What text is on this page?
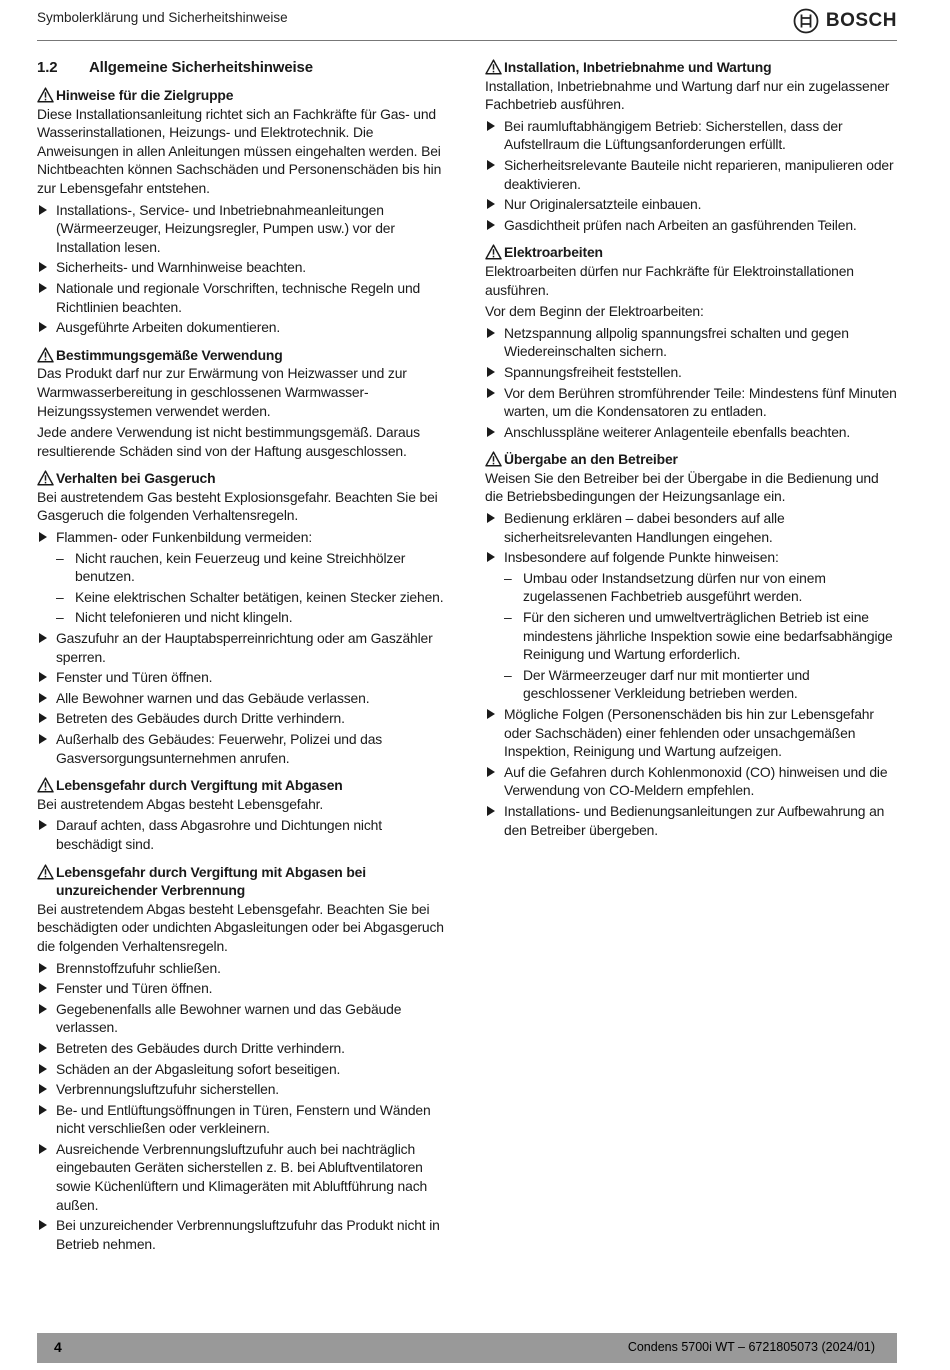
Symbolerklärung und Sicherheitshinweise	BOSCH
1.2	Allgemeine Sicherheitshinweise
Hinweise für die Zielgruppe

Diese Installationsanleitung richtet sich an Fachkräfte für Gas- und Wasserinstallationen, Heizungs- und Elektrotechnik. Die Anweisungen in allen Anleitungen müssen eingehalten werden. Bei Nichtbeachten können Sachschäden und Personenschäden bis hin zur Lebensgefahr entstehen.

Installations-, Service- und Inbetriebnahmeanleitungen (Wärmeerzeuger, Heizungsregler, Pumpen usw.) vor der Installation lesen.
Sicherheits- und Warnhinweise beachten.
Nationale und regionale Vorschriften, technische Regeln und Richtlinien beachten.
Ausgeführte Arbeiten dokumentieren.
Bestimmungsgemäße Verwendung

Das Produkt darf nur zur Erwärmung von Heizwasser und zur Warmwasserbereitung in geschlossenen Warmwasser-Heizungssystemen verwendet werden.

Jede andere Verwendung ist nicht bestimmungsgemäß. Daraus resultierende Schäden sind von der Haftung ausgeschlossen.

Verhalten bei Gasgeruch

Bei austretendem Gas besteht Explosionsgefahr. Beachten Sie bei Gasgeruch die folgenden Verhaltensregeln.

Flammen- oder Funkenbildung vermeiden:
– Nicht rauchen, kein Feuerzeug und keine Streichhölzer benutzen.
– Keine elektrischen Schalter betätigen, keinen Stecker ziehen.
– Nicht telefonieren und nicht klingeln.
Gaszufuhr an der Hauptabsperreinrichtung oder am Gaszähler sperren.
Fenster und Türen öffnen.
Alle Bewohner warnen und das Gebäude verlassen.
Betreten des Gebäudes durch Dritte verhindern.
Außerhalb des Gebäudes: Feuerwehr, Polizei und das Gasversorgungsunternehmen anrufen.
Lebensgefahr durch Vergiftung mit Abgasen

Bei austretendem Abgas besteht Lebensgefahr.

Darauf achten, dass Abgasrohre und Dichtungen nicht beschädigt sind.
Lebensgefahr durch Vergiftung mit Abgasen bei unzureichender Verbrennung

Bei austretendem Abgas besteht Lebensgefahr. Beachten Sie bei beschädigten oder undichten Abgasleitungen oder bei Abgasgeruch die folgenden Verhaltensregeln.

Brennstoffzufuhr schließen.
Fenster und Türen öffnen.
Gegebenenfalls alle Bewohner warnen und das Gebäude verlassen.
Betreten des Gebäudes durch Dritte verhindern.
Schäden an der Abgasleitung sofort beseitigen.
Verbrennungsluftzufuhr sicherstellen.
Be- und Entlüftungsöffnungen in Türen, Fenstern und Wänden nicht verschließen oder verkleinern.
Ausreichende Verbrennungsluftzufuhr auch bei nachträglich eingebauten Geräten sicherstellen z. B. bei Abluftventilatoren sowie Küchenlüftern und Klimageräten mit Abluftführung nach außen.
Bei unzureichender Verbrennungsluftzufuhr das Produkt nicht in Betrieb nehmen.
Installation, Inbetriebnahme und Wartung

Installation, Inbetriebnahme und Wartung darf nur ein zugelassener Fachbetrieb ausführen.

Bei raumluftabhängigem Betrieb: Sicherstellen, dass der Aufstellraum die Lüftungsanforderungen erfüllt.
Sicherheitsrelevante Bauteile nicht reparieren, manipulieren oder deaktivieren.
Nur Originalersatzteile einbauen.
Gasdichtheit prüfen nach Arbeiten an gasführenden Teilen.
Elektroarbeiten

Elektroarbeiten dürfen nur Fachkräfte für Elektroinstallationen ausführen.

Vor dem Beginn der Elektroarbeiten:

Netzspannung allpolig spannungsfrei schalten und gegen Wiedereinschalten sichern.
Spannungsfreiheit feststellen.
Vor dem Berühren stromführender Teile: Mindestens fünf Minuten warten, um die Kondensatoren zu entladen.
Anschlusspläne weiterer Anlagenteile ebenfalls beachten.
Übergabe an den Betreiber

Weisen Sie den Betreiber bei der Übergabe in die Bedienung und die Betriebsbedingungen der Heizungsanlage ein.

Bedienung erklären – dabei besonders auf alle sicherheitsrelevanten Handlungen eingehen.
Insbesondere auf folgende Punkte hinweisen:
– Umbau oder Instandsetzung dürfen nur von einem zugelassenen Fachbetrieb ausgeführt werden.
– Für den sicheren und umweltverträglichen Betrieb ist eine mindestens jährliche Inspektion sowie eine bedarfsabhängige Reinigung und Wartung erforderlich.
– Der Wärmeerzeuger darf nur mit montierter und geschlossener Verkleidung betrieben werden.
Mögliche Folgen (Personenschäden bis hin zur Lebensgefahr oder Sachschäden) einer fehlenden oder unsachgemäßen Inspektion, Reinigung und Wartung aufzeigen.
Auf die Gefahren durch Kohlenmonoxid (CO) hinweisen und die Verwendung von CO-Meldern empfehlen.
Installations- und Bedienungsanleitungen zur Aufbewahrung an den Betreiber übergeben.
4	Condens 5700i WT – 6721805073 (2024/01)
